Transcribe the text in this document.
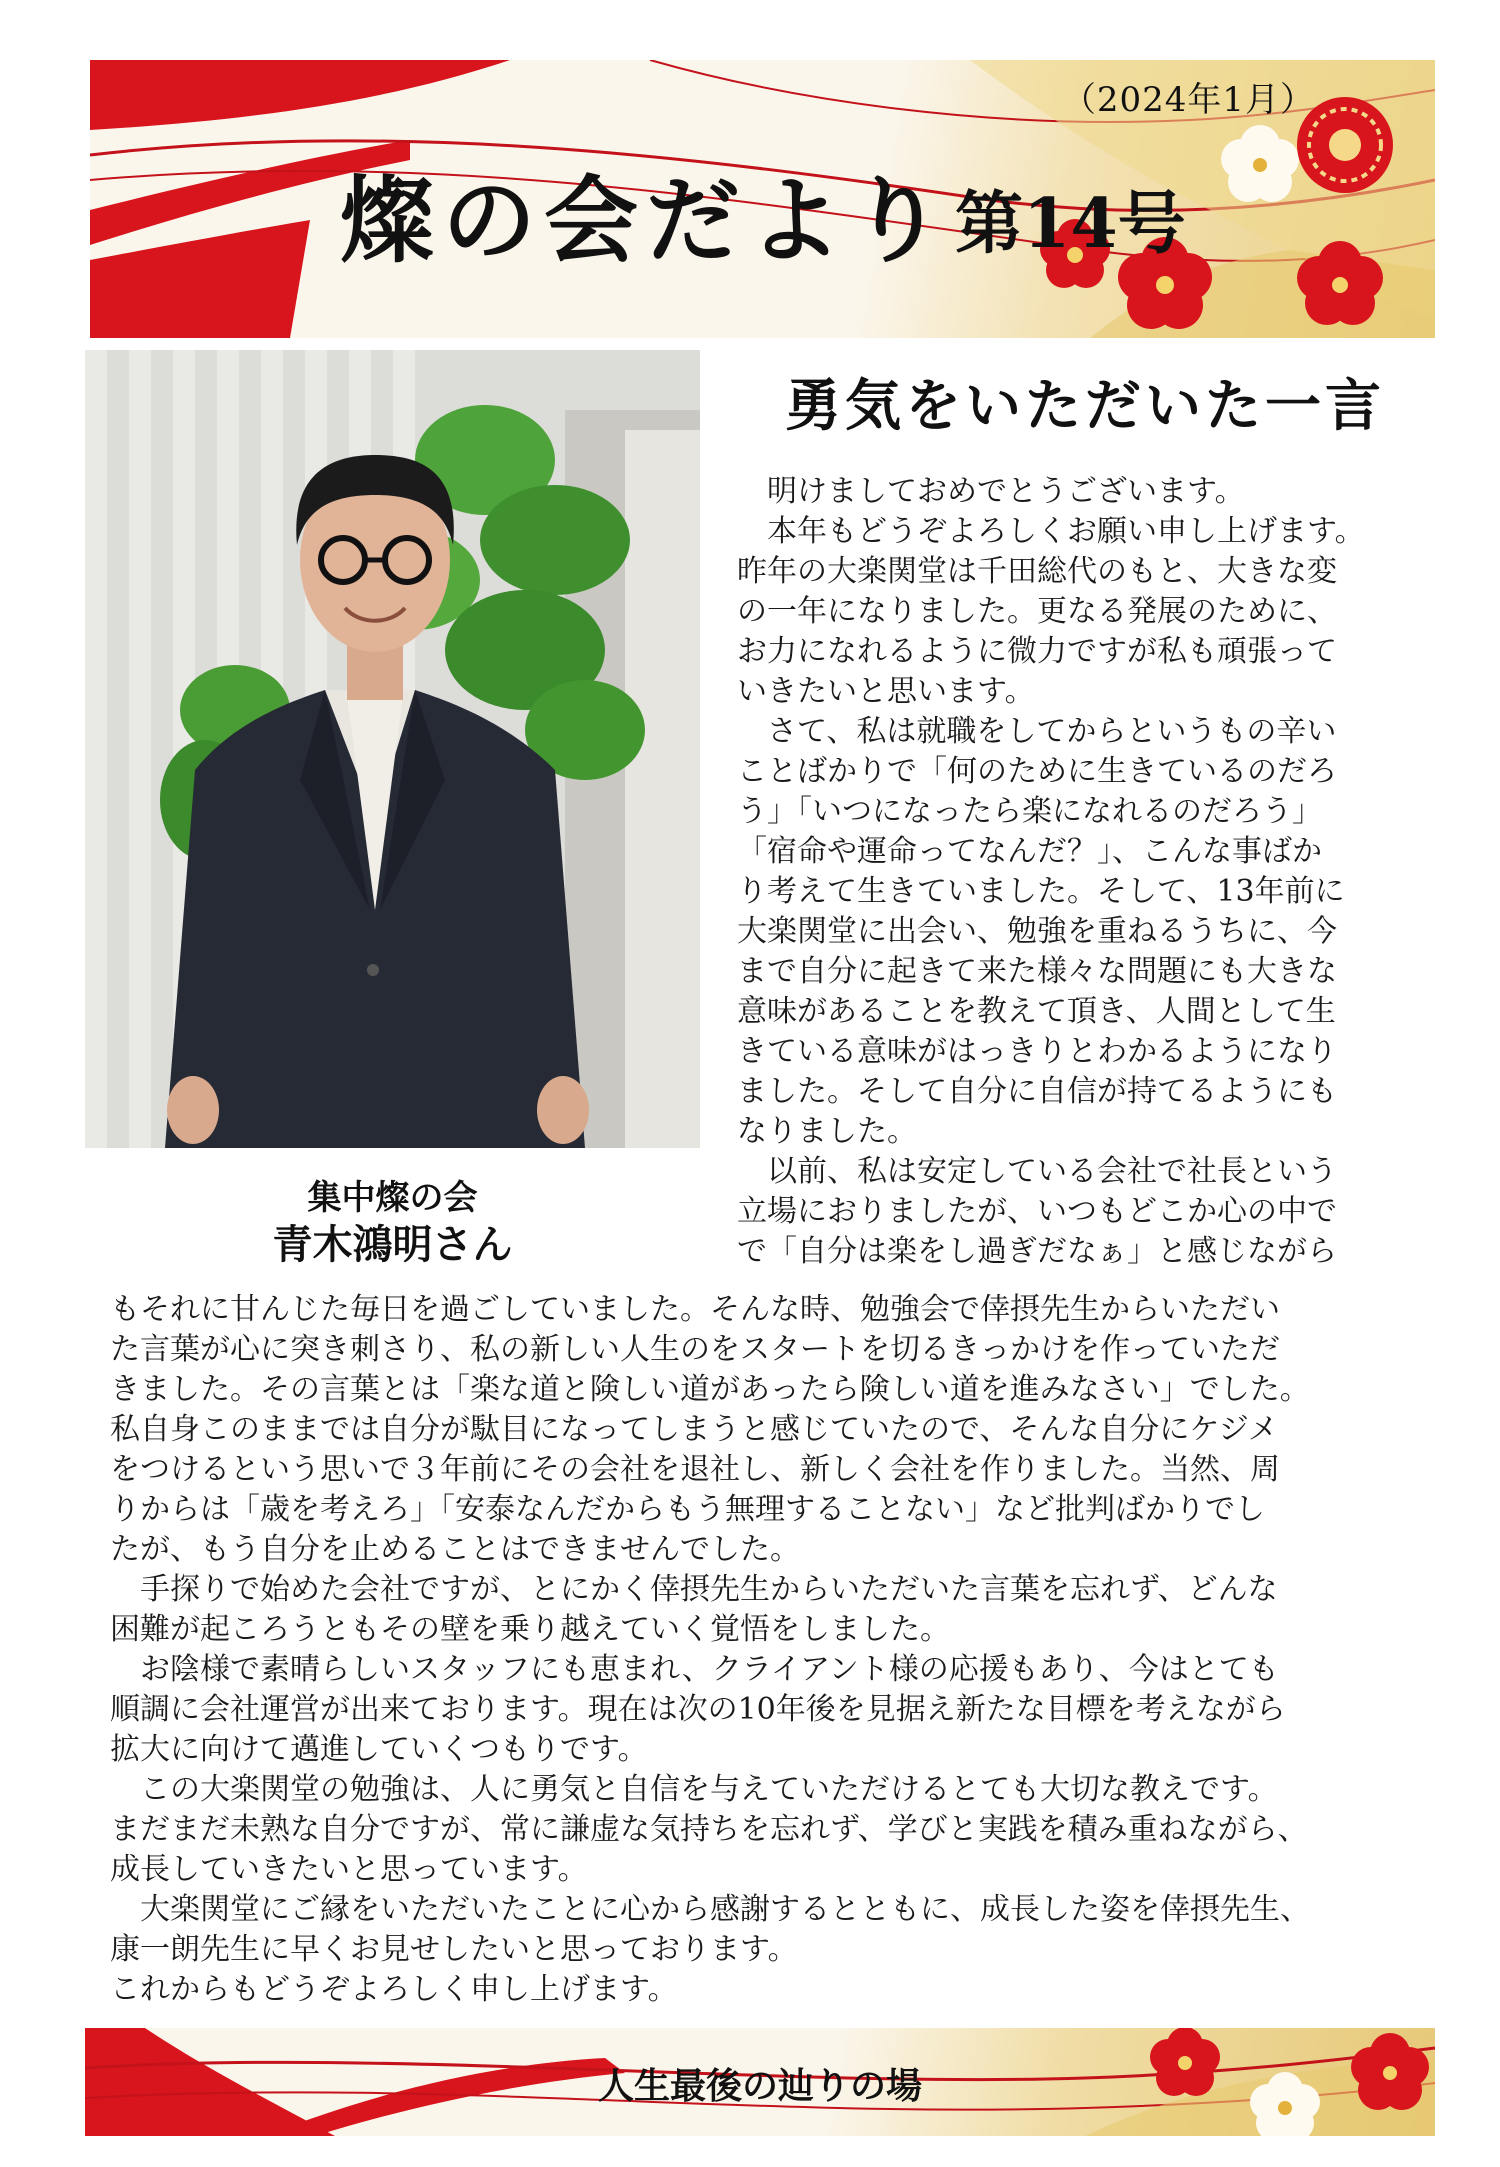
（2024年1月）
燦の会だより 第14号
集中燦の会
青木鴻明さん
勇気をいただいた一言

　明けましておめでとうございます。

　本年もどうぞよろしくお願い申し上げます。

昨年の大楽関堂は千田総代のもと、大きな変

の一年になりました。更なる発展のために、

お力になれるように微力ですが私も頑張って

いきたいと思います。

　さて、私は就職をしてからというもの辛い

ことばかりで「何のために生きているのだろ

う」「いつになったら楽になれるのだろう」

「宿命や運命ってなんだ？」、こんな事ばか

り考えて生きていました。そして、13年前に

大楽関堂に出会い、勉強を重ねるうちに、今

まで自分に起きて来た様々な問題にも大きな

意味があることを教えて頂き、人間として生

きている意味がはっきりとわかるようになり

ました。そして自分に自信が持てるようにも

なりました。

　以前、私は安定している会社で社長という

立場におりましたが、いつもどこか心の中で

で「自分は楽をし過ぎだなぁ」と感じながら

もそれに甘んじた毎日を過ごしていました。そんな時、勉強会で倖摂先生からいただい

た言葉が心に突き刺さり、私の新しい人生のをスタートを切るきっかけを作っていただ

きました。その言葉とは「楽な道と険しい道があったら険しい道を進みなさい」でした。

私自身このままでは自分が駄目になってしまうと感じていたので、そんな自分にケジメ

をつけるという思いで３年前にその会社を退社し、新しく会社を作りました。当然、周

りからは「歳を考えろ」「安泰なんだからもう無理することない」など批判ばかりでし

たが、もう自分を止めることはできませんでした。

　手探りで始めた会社ですが、とにかく倖摂先生からいただいた言葉を忘れず、どんな

困難が起ころうともその壁を乗り越えていく覚悟をしました。

　お陰様で素晴らしいスタッフにも恵まれ、クライアント様の応援もあり、今はとても

順調に会社運営が出来ております。現在は次の10年後を見据え新たな目標を考えながら

拡大に向けて邁進していくつもりです。

　この大楽関堂の勉強は、人に勇気と自信を与えていただけるとても大切な教えです。

まだまだ未熟な自分ですが、常に謙虚な気持ちを忘れず、学びと実践を積み重ねながら、

成長していきたいと思っています。

　大楽関堂にご縁をいただいたことに心から感謝するとともに、成長した姿を倖摂先生、

康一朗先生に早くお見せしたいと思っております。

これからもどうぞよろしく申し上げます。

人生最後の辿りの場
